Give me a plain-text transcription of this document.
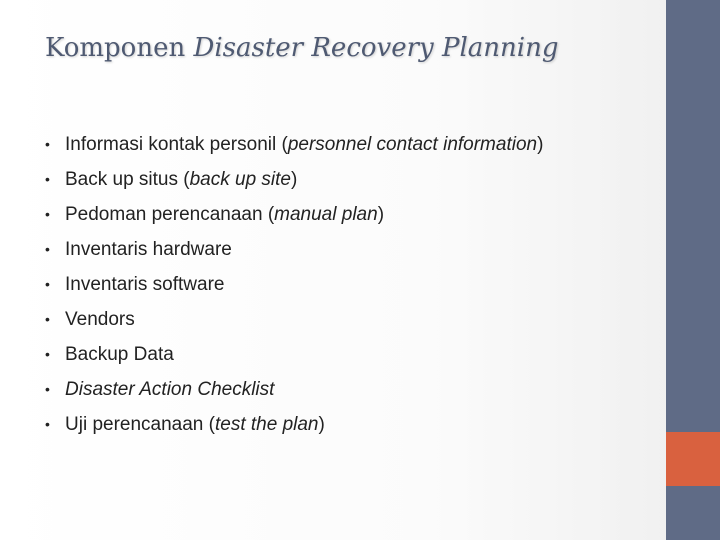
Komponen Disaster Recovery Planning
• Informasi kontak personil (personnel contact information)
• Back up situs (back up site)
• Pedoman perencanaan (manual plan)
• Inventaris hardware
• Inventaris software
• Vendors
• Backup Data
• Disaster Action Checklist
• Uji perencanaan (test the plan)
